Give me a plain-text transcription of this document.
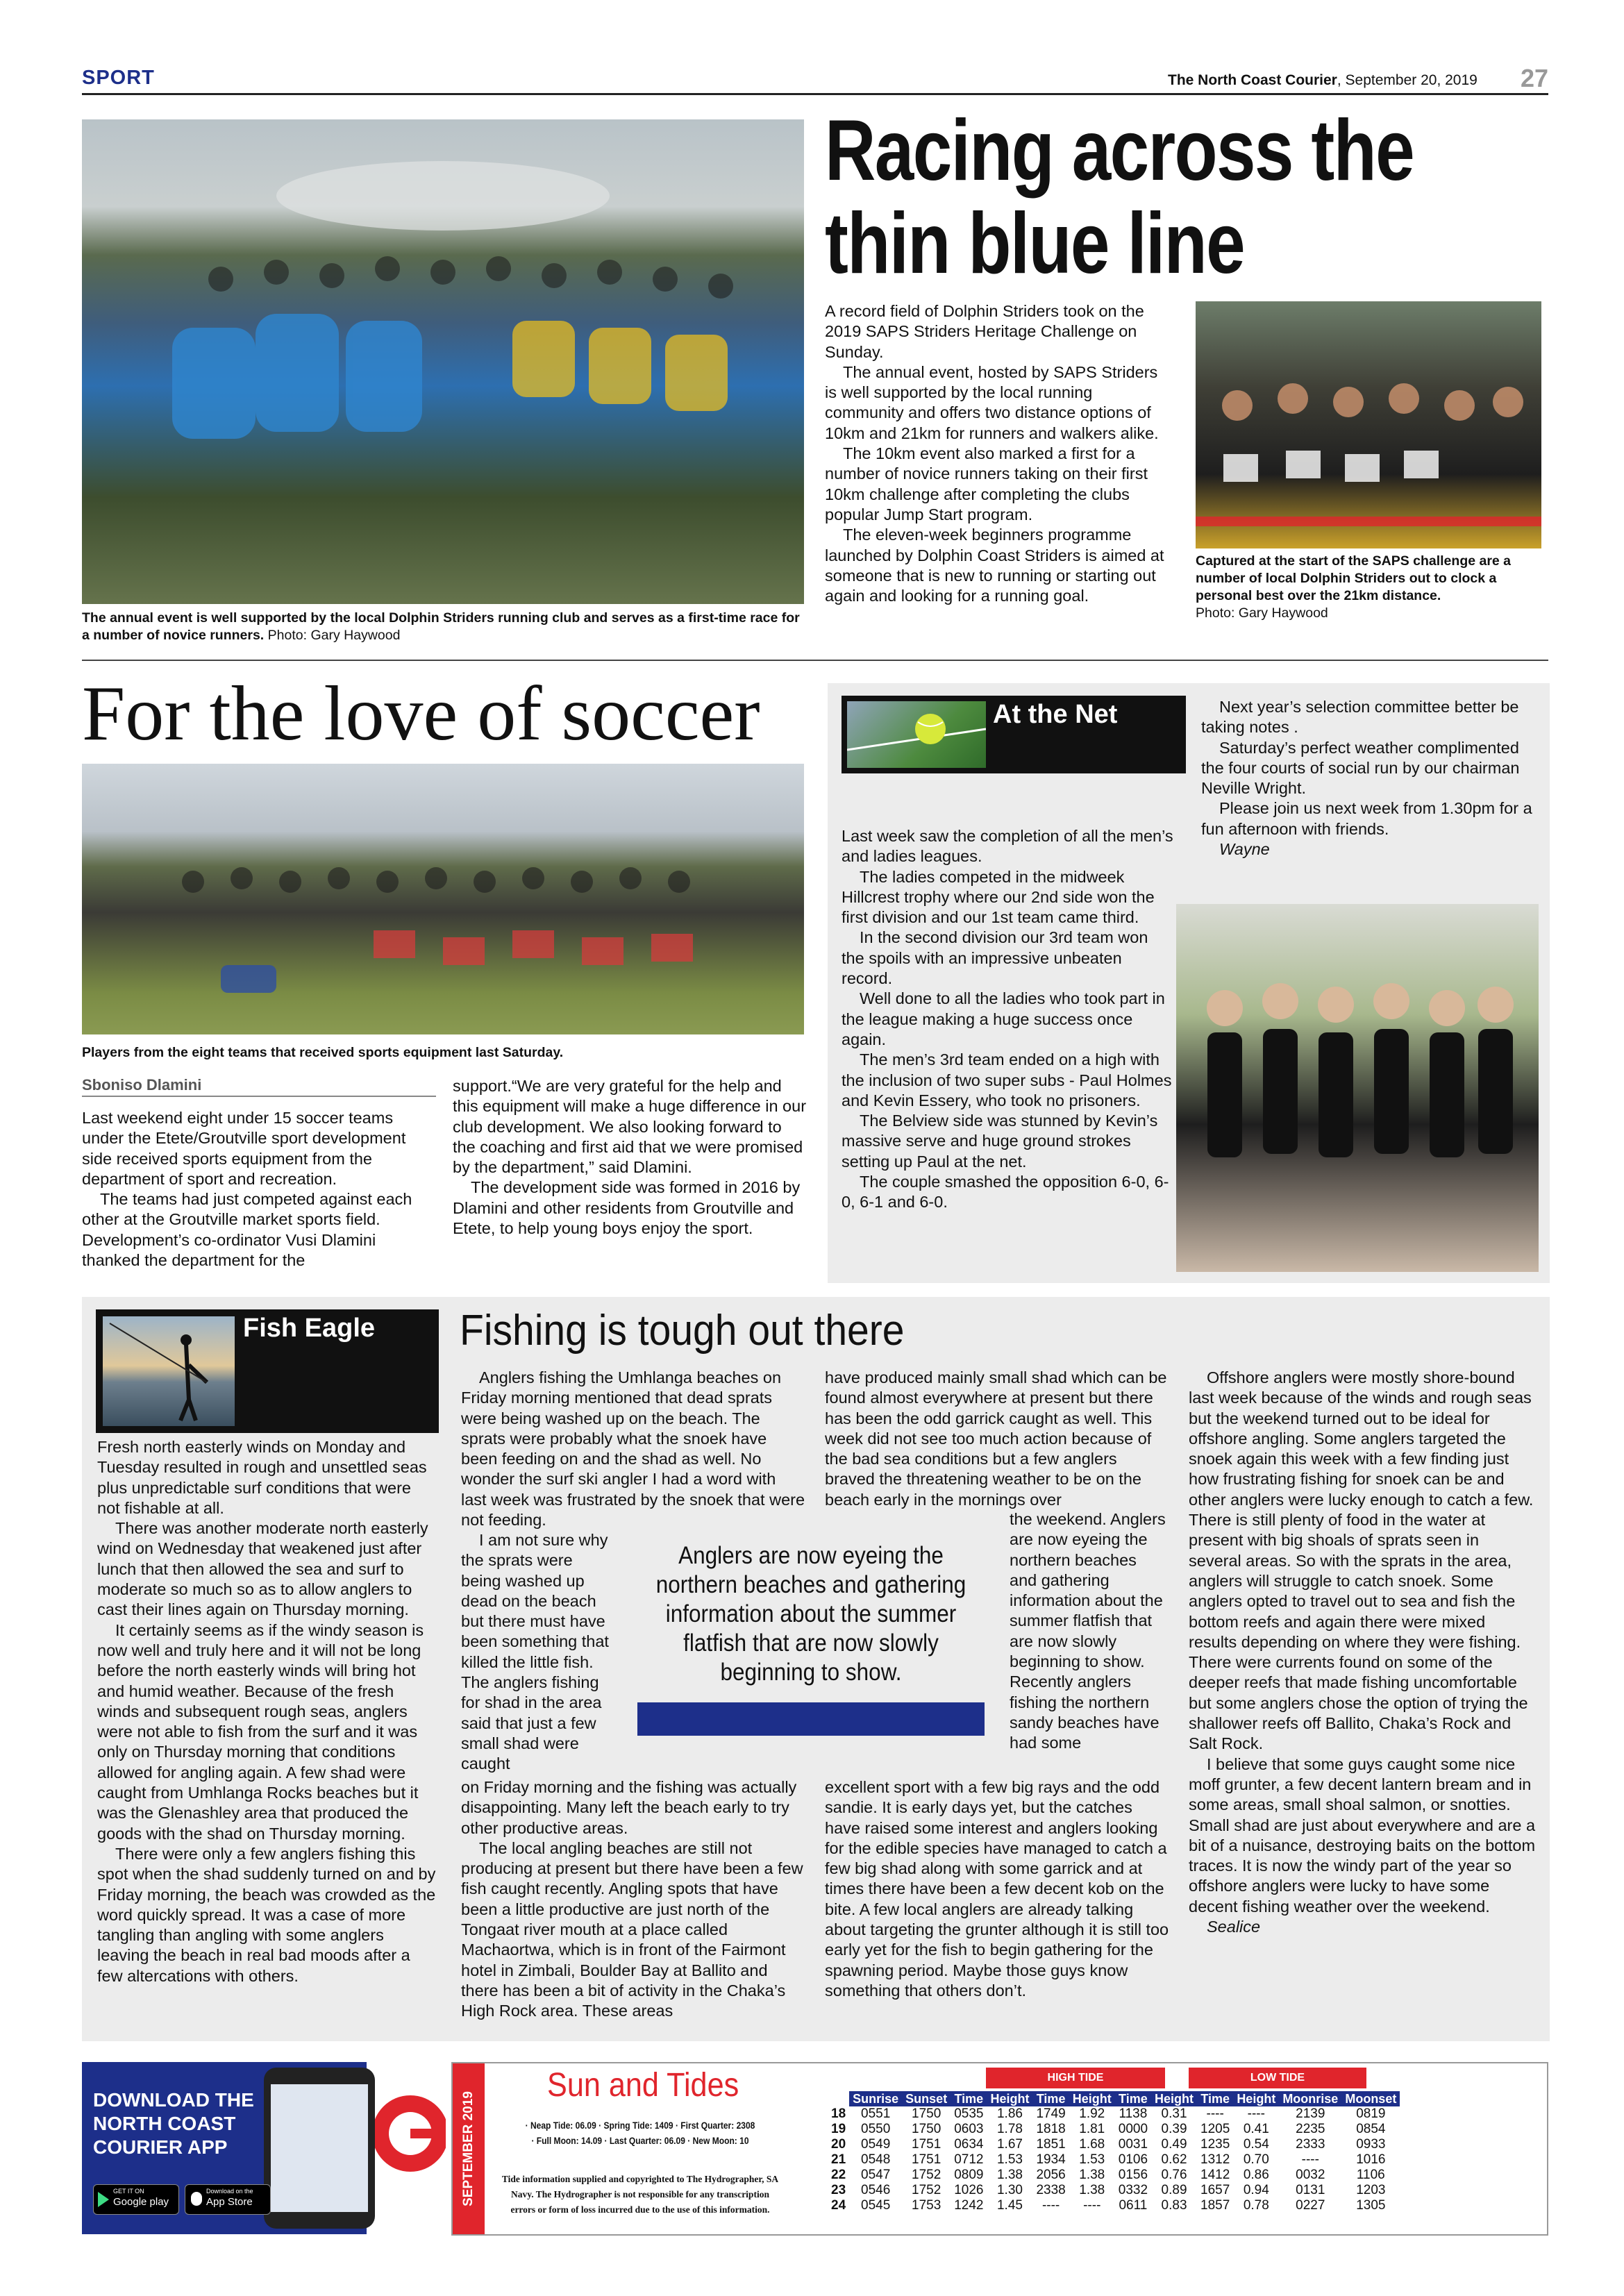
SPORT	The North Coast Courier, September 20, 2019 27
The annual event is well supported by the local Dolphin Striders running club and serves as a first-time race for a number of novice runners. Photo: Gary Haywood
Racing across the
thin blue line

A record field of Dolphin Striders took on the 2019 SAPS Striders Heritage Challenge on Sunday.

The annual event, hosted by SAPS Striders is well supported by the local running community and offers two distance options of 10km and 21km for runners and walkers alike.

The 10km event also marked a first for a number of novice runners taking on their first 10km challenge after completing the clubs popular Jump Start program.

The eleven-week beginners programme launched by Dolphin Coast Striders is aimed at someone that is new to running or starting out again and looking for a running goal.

Captured at the start of the SAPS challenge are a number of local Dolphin Striders out to clock a personal best over the 21km distance.
Photo: Gary Haywood
For the love of soccer
Players from the eight teams that received sports equipment last Saturday.
Sboniso Dlamini

Last weekend eight under 15 soccer teams under the Etete/Groutville sport development side received sports equipment from the department of sport and recreation.

The teams had just competed against each other at the Groutville market sports field. Development’s co-ordinator Vusi Dlamini thanked the department for the

support.“We are very grateful for the help and this equipment will make a huge difference in our club development. We also looking forward to the coaching and first aid that we were promised by the department,” said Dlamini.

The development side was formed in 2016 by Dlamini and other residents from Groutville and Etete, to help young boys enjoy the sport.

At the Net

Last week saw the completion of all the men’s and ladies leagues.

The ladies competed in the midweek Hillcrest trophy where our 2nd side won the first division and our 1st team came third.

In the second division our 3rd team won the spoils with an impressive unbeaten record.

Well done to all the ladies who took part in the league making a huge success once again.

The men’s 3rd team ended on a high with the inclusion of two super subs - Paul Holmes and Kevin Essery, who took no prisoners.

The Belview side was stunned by Kevin’s massive serve and huge ground strokes setting up Paul at the net.

The couple smashed the opposition 6-0, 6-0, 6-1 and 6-0.

Next year’s selection committee better be taking notes .

Saturday’s perfect weather complimented the four courts of social run by our chairman Neville Wright.

Please join us next week from 1.30pm for a fun afternoon with friends.

Wayne

Fish Eagle Fishing is tough out there

Fresh north easterly winds on Monday and Tuesday resulted in rough and unsettled seas plus unpredictable surf conditions that were not fishable at all.

There was another moderate north easterly wind on Wednesday that weakened just after lunch that then allowed the sea and surf to moderate so much so as to allow anglers to cast their lines again on Thursday morning.

It certainly seems as if the windy season is now well and truly here and it will not be long before the north easterly winds will bring hot and humid weather. Because of the fresh winds and subsequent rough seas, anglers were not able to fish from the surf and it was only on Thursday morning that conditions allowed for angling again. A few shad were caught from Umhlanga Rocks beaches but it was the Glenashley area that produced the goods with the shad on Thursday morning.

There were only a few anglers fishing this spot when the shad suddenly turned on and by Friday morning, the beach was crowded as the word quickly spread. It was a case of more tangling than angling with some anglers leaving the beach in real bad moods after a few altercations with others.

Anglers fishing the Umhlanga beaches on Friday morning mentioned that dead sprats were being washed up on the beach. The sprats were probably what the snoek have been feeding on and the shad as well. No wonder the surf ski angler I had a word with last week was frustrated by the snoek that were not feeding.

I am not sure why the sprats were being washed up dead on the beach but there must have been something that killed the little fish. The anglers fishing for shad in the area said that just a few small shad were caught

on Friday morning and the fishing was actually disappointing. Many left the beach early to try other productive areas.

The local angling beaches are still not producing at present but there have been a few fish caught recently. Angling spots that have been a little productive are just north of the Tongaat river mouth at a place called Machaortwa, which is in front of the Fairmont hotel in Zimbali, Boulder Bay at Ballito and there has been a bit of activity in the Chaka’s High Rock area. These areas

Anglers are now eyeing the northern beaches and gathering information about the summer flatfish that are now slowly beginning to show.

have produced mainly small shad which can be found almost everywhere at present but there has been the odd garrick caught as well. This week did not see too much action because of the bad sea conditions but a few anglers braved the threatening weather to be on the beach early in the mornings over

the weekend. Anglers are now eyeing the northern beaches and gathering information about the summer flatfish that are now slowly beginning to show. Recently anglers fishing the northern sandy beaches have had some

excellent sport with a few big rays and the odd sandie. It is early days yet, but the catches have raised some interest and anglers looking for the edible species have managed to catch a few big shad along with some garrick and at times there have been a few decent kob on the bite. A few local anglers are already talking about targeting the grunter although it is still too early yet for the fish to begin gathering for the spawning period. Maybe those guys know something that others don’t.

Offshore anglers were mostly shore-bound last week because of the winds and rough seas but the weekend turned out to be ideal for offshore angling. Some anglers targeted the snoek again this week with a few finding just how frustrating fishing for snoek can be and other anglers were lucky enough to catch a few. There is still plenty of food in the water at present with big shoals of sprats seen in several areas. So with the sprats in the area, anglers will struggle to catch snoek. Some anglers opted to travel out to sea and fish the bottom reefs and again there were mixed results depending on where they were fishing. There were currents found on some of the deeper reefs that made fishing uncomfortable but some anglers chose the option of trying the shallower reefs off Ballito, Chaka’s Rock and Salt Rock.

I believe that some guys caught some nice moff grunter, a few decent lantern bream and in some areas, small shoal salmon, or snotties. Small shad are just about everywhere and are a bit of a nuisance, destroying baits on the bottom traces. It is now the windy part of the year so offshore anglers were lucky to have some decent fishing weather over the weekend.

Sealice

DOWNLOAD THE
NORTH COAST
COURIER APP
GET IT ON
Google play
Download on the
App Store	SEPTEMBER 2019
Sun and Tides
· Neap Tide: 06.09 · Spring Tide: 1409 · First Quarter: 2308
· Full Moon: 14.09 · Last Quarter: 06.09 · New Moon: 10
Tide information supplied and copyrighted to The Hydrographer, SA Navy. The Hydrographer is not responsible for any transcription errors or form of loss incurred due to the use of this information.
HIGH TIDE	LOW TIDE
	Sunrise	Sunset	Time	Height	Time	Height	Time	Height	Time	Height	Moonrise	Moonset
18	0551	1750	0535	1.86	1749	1.92	1138	0.31	----	----	2139	0819
19	0550	1750	0603	1.78	1818	1.81	0000	0.39	1205	0.41	2235	0854
20	0549	1751	0634	1.67	1851	1.68	0031	0.49	1235	0.54	2333	0933
21	0548	1751	0712	1.53	1934	1.53	0106	0.62	1312	0.70	----	1016
22	0547	1752	0809	1.38	2056	1.38	0156	0.76	1412	0.86	0032	1106
23	0546	1752	1026	1.30	2338	1.38	0332	0.89	1657	0.94	0131	1203
24	0545	1753	1242	1.45	----	----	0611	0.83	1857	0.78	0227	1305
